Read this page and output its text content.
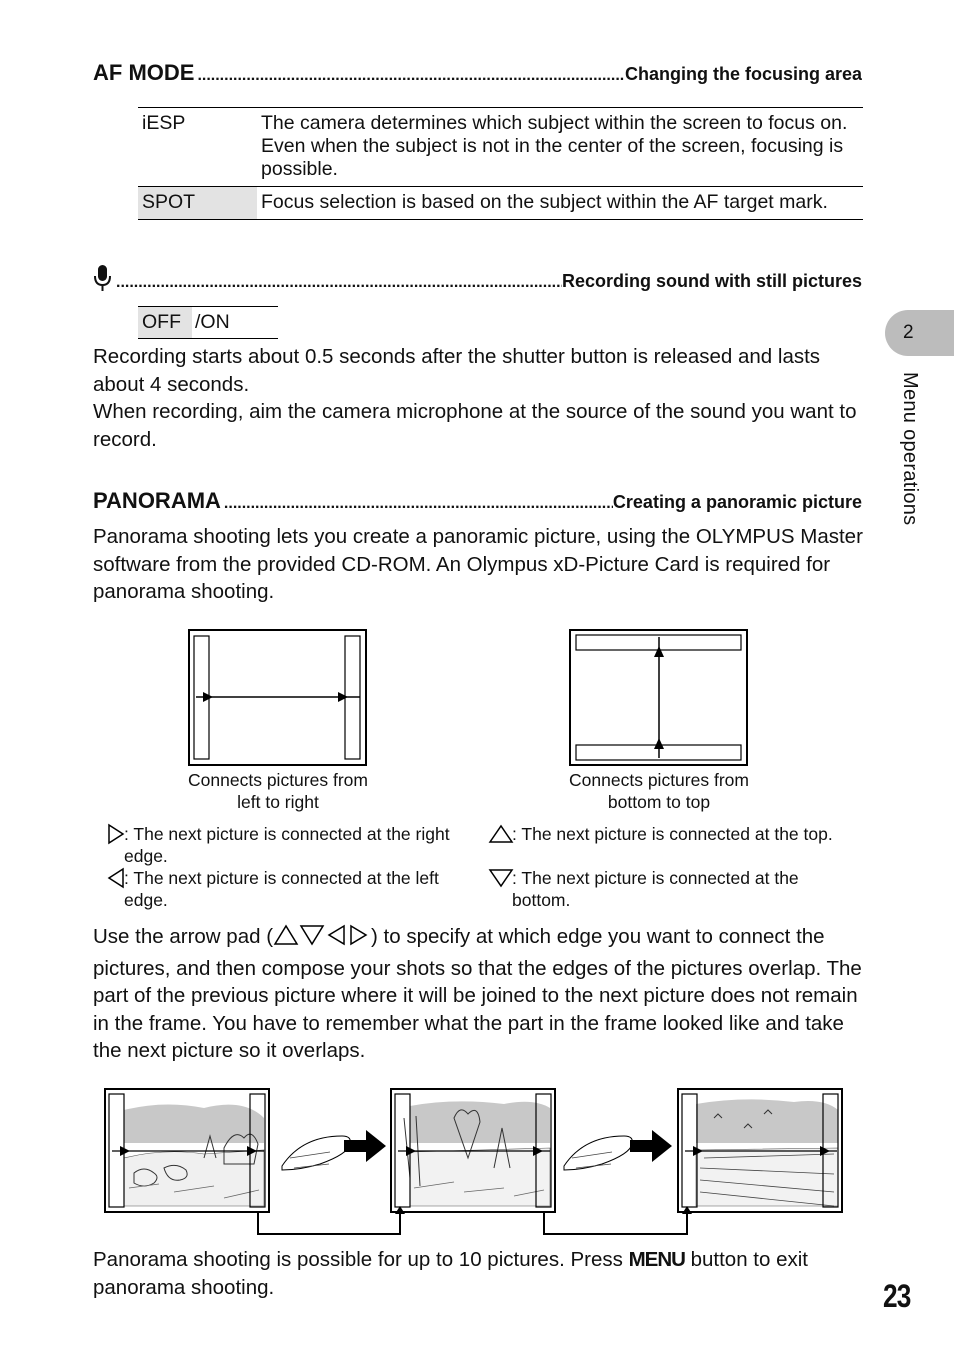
AF MODE .....	Changing the focusing area
iESP	The camera determines which subject within the screen to focus on. Even when the subject is not in the center of the screen, focusing is possible.
SPOT	Focus selection is based on the subject within the AF target mark.
.....
Recording sound with still pictures
OFF /ON

Recording starts about 0.5 seconds after the shutter button is released and lasts about 4 seconds.

When recording, aim the camera microphone at the source of the sound you want to record.

PANORAMA .....	Creating a panoramic picture

Panorama shooting lets you create a panoramic picture, using the OLYMPUS Master software from the provided CD-ROM. An Olympus xD-Picture Card is required for panorama shooting.

Connects pictures from
left to right
Connects pictures from
bottom to top
: The next picture is connected at the right edge.
: The next picture is connected at the left edge.
: The next picture is connected at the top.
: The next picture is connected at the bottom.

Use the arrow pad (	) to specify at which edge you want to connect the pictures, and then compose your shots so that the edges of the pictures overlap. The part of the previous picture where it will be joined to the next picture does not remain in the frame. You have to remember what the part in the frame looked like and take the next picture so it overlaps.

Panorama shooting is possible for up to 10 pictures. Press MENU button to exit panorama shooting.

2
Menu operations
23
